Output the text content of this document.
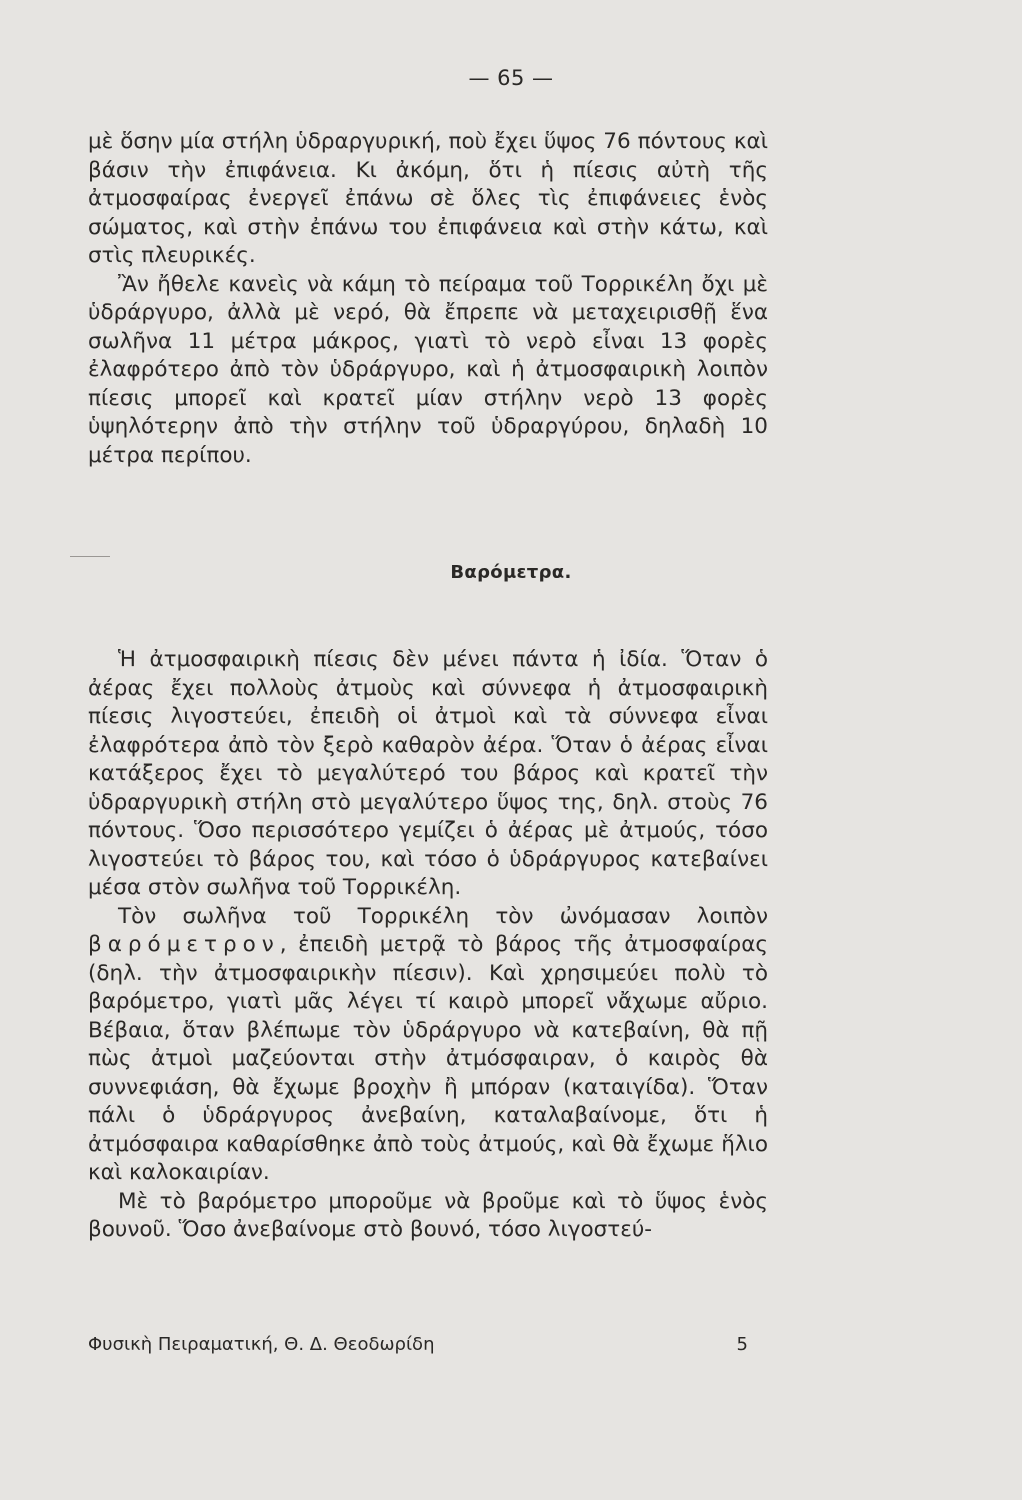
— 65 —

μὲ ὅσην μία στήλη ὑδραργυρική, ποὺ ἔχει ὕψος 76 πόντους καὶ βάσιν τὴν ἐπιφάνεια. Κι ἀκόμη, ὅτι ἡ πίεσις αὐτὴ τῆς ἀτμοσφαίρας ἐνεργεῖ ἐπάνω σὲ ὅλες τὶς ἐπιφάνειες ἑνὸς σώματος, καὶ στὴν ἐπάνω του ἐπιφάνεια καὶ στὴν κάτω, καὶ στὶς πλευρικές.

Ἂν ἤθελε κανεὶς νὰ κάμη τὸ πείραμα τοῦ Τορρικέλη ὄχι μὲ ὑδράργυρο, ἀλλὰ μὲ νερό, θὰ ἔπρεπε νὰ μεταχειρισθῇ ἕνα σωλῆνα 11 μέτρα μάκρος, γιατὶ τὸ νερὸ εἶναι 13 φορὲς ἐλαφρότερο ἀπὸ τὸν ὑδράργυρο, καὶ ἡ ἀτμοσφαιρικὴ λοιπὸν πίεσις μπορεῖ καὶ κρατεῖ μίαν στήλην νερὸ 13 φορὲς ὑψηλότερην ἀπὸ τὴν στήλην τοῦ ὑδραργύρου, δηλαδὴ 10 μέτρα περίπου.

Βαρόμετρα.

Ἡ ἀτμοσφαιρικὴ πίεσις δὲν μένει πάντα ἡ ἰδία. Ὅταν ὁ ἀέρας ἔχει πολλοὺς ἀτμοὺς καὶ σύννεφα ἡ ἀτμοσφαιρικὴ πίεσις λιγοστεύει, ἐπειδὴ οἱ ἀτμοὶ καὶ τὰ σύννεφα εἶναι ἐλαφρότερα ἀπὸ τὸν ξερὸ καθαρὸν ἀέρα. Ὅταν ὁ ἀέρας εἶναι κατάξερος ἔχει τὸ μεγαλύτερό του βάρος καὶ κρατεῖ τὴν ὑδραργυρικὴ στήλη στὸ μεγαλύτερο ὕψος της, δηλ. στοὺς 76 πόντους. Ὅσο περισσότερο γεμίζει ὁ ἀέρας μὲ ἀτμούς, τόσο λιγοστεύει τὸ βάρος του, καὶ τόσο ὁ ὑδράργυρος κατεβαίνει μέσα στὸν σωλῆνα τοῦ Τορρικέλη.

Τὸν σωλῆνα τοῦ Τορρικέλη τὸν ὠνόμασαν λοιπὸν βαρόμετρον, ἐπειδὴ μετρᾷ τὸ βάρος τῆς ἀτμοσφαίρας (δηλ. τὴν ἀτμοσφαιρικὴν πίεσιν). Καὶ χρησιμεύει πολὺ τὸ βαρόμετρο, γιατὶ μᾶς λέγει τί καιρὸ μπορεῖ νἄχωμε αὔριο. Βέβαια, ὅταν βλέπωμε τὸν ὑδράργυρο νὰ κατεβαίνη, θὰ πῇ πὼς ἀτμοὶ μαζεύονται στὴν ἀτμόσφαιραν, ὁ καιρὸς θὰ συννεφιάση, θὰ ἔχωμε βροχὴν ἢ μπόραν (καταιγίδα). Ὅταν πάλι ὁ ὑδράργυρος ἀνεβαίνη, καταλαβαίνομε, ὅτι ἡ ἀτμόσφαιρα καθαρίσθηκε ἀπὸ τοὺς ἀτμούς, καὶ θὰ ἔχωμε ἥλιο καὶ καλοκαιρίαν.

Μὲ τὸ βαρόμετρο μποροῦμε νὰ βροῦμε καὶ τὸ ὕψος ἑνὸς βουνοῦ. Ὅσο ἀνεβαίνομε στὸ βουνό, τόσο λιγοστεύ-

Φυσικὴ Πειραματική, Θ. Δ. Θεοδωρίδη	5
